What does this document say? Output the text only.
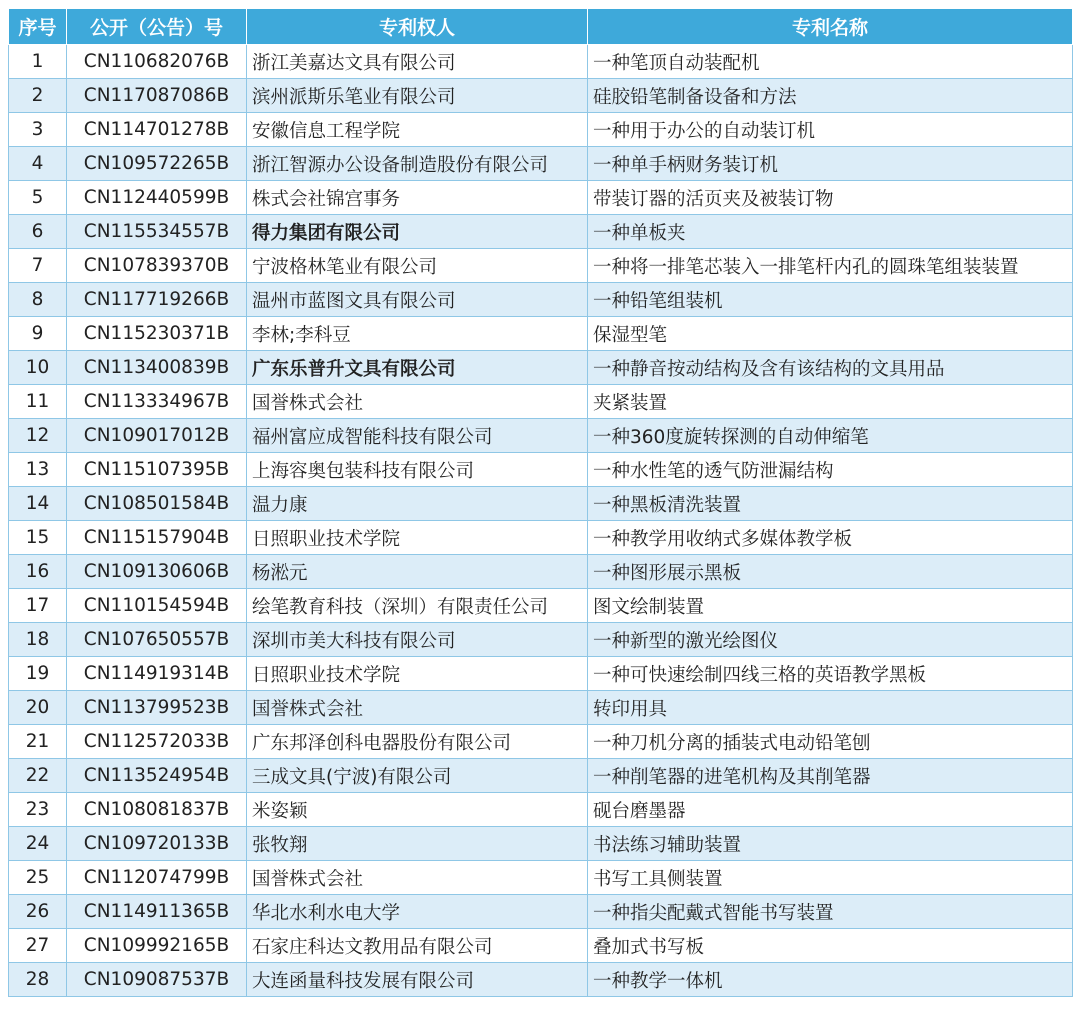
序号	公开（公告）号	专利权人	专利名称
1	CN110682076B	浙江美嘉达文具有限公司	一种笔顶自动装配机
2	CN117087086B	滨州派斯乐笔业有限公司	硅胶铅笔制备设备和方法
3	CN114701278B	安徽信息工程学院	一种用于办公的自动装订机
4	CN109572265B	浙江智源办公设备制造股份有限公司	一种单手柄财务装订机
5	CN112440599B	株式会社锦宫事务	带装订器的活页夹及被装订物
6	CN115534557B	得力集团有限公司	一种单板夹
7	CN107839370B	宁波格林笔业有限公司	一种将一排笔芯装入一排笔杆内孔的圆珠笔组装装置
8	CN117719266B	温州市蓝图文具有限公司	一种铅笔组装机
9	CN115230371B	李林;李科豆	保湿型笔
10	CN113400839B	广东乐普升文具有限公司	一种静音按动结构及含有该结构的文具用品
11	CN113334967B	国誉株式会社	夹紧装置
12	CN109017012B	福州富应成智能科技有限公司	一种360度旋转探测的自动伸缩笔
13	CN115107395B	上海容奥包装科技有限公司	一种水性笔的透气防泄漏结构
14	CN108501584B	温力康	一种黑板清洗装置
15	CN115157904B	日照职业技术学院	一种教学用收纳式多媒体教学板
16	CN109130606B	杨淞元	一种图形展示黑板
17	CN110154594B	绘笔教育科技（深圳）有限责任公司	图文绘制装置
18	CN107650557B	深圳市美大科技有限公司	一种新型的激光绘图仪
19	CN114919314B	日照职业技术学院	一种可快速绘制四线三格的英语教学黑板
20	CN113799523B	国誉株式会社	转印用具
21	CN112572033B	广东邦泽创科电器股份有限公司	一种刀机分离的插装式电动铅笔刨
22	CN113524954B	三成文具(宁波)有限公司	一种削笔器的进笔机构及其削笔器
23	CN108081837B	米姿颖	砚台磨墨器
24	CN109720133B	张牧翔	书法练习辅助装置
25	CN112074799B	国誉株式会社	书写工具侧装置
26	CN114911365B	华北水利水电大学	一种指尖配戴式智能书写装置
27	CN109992165B	石家庄科达文教用品有限公司	叠加式书写板
28	CN109087537B	大连函量科技发展有限公司	一种教学一体机
